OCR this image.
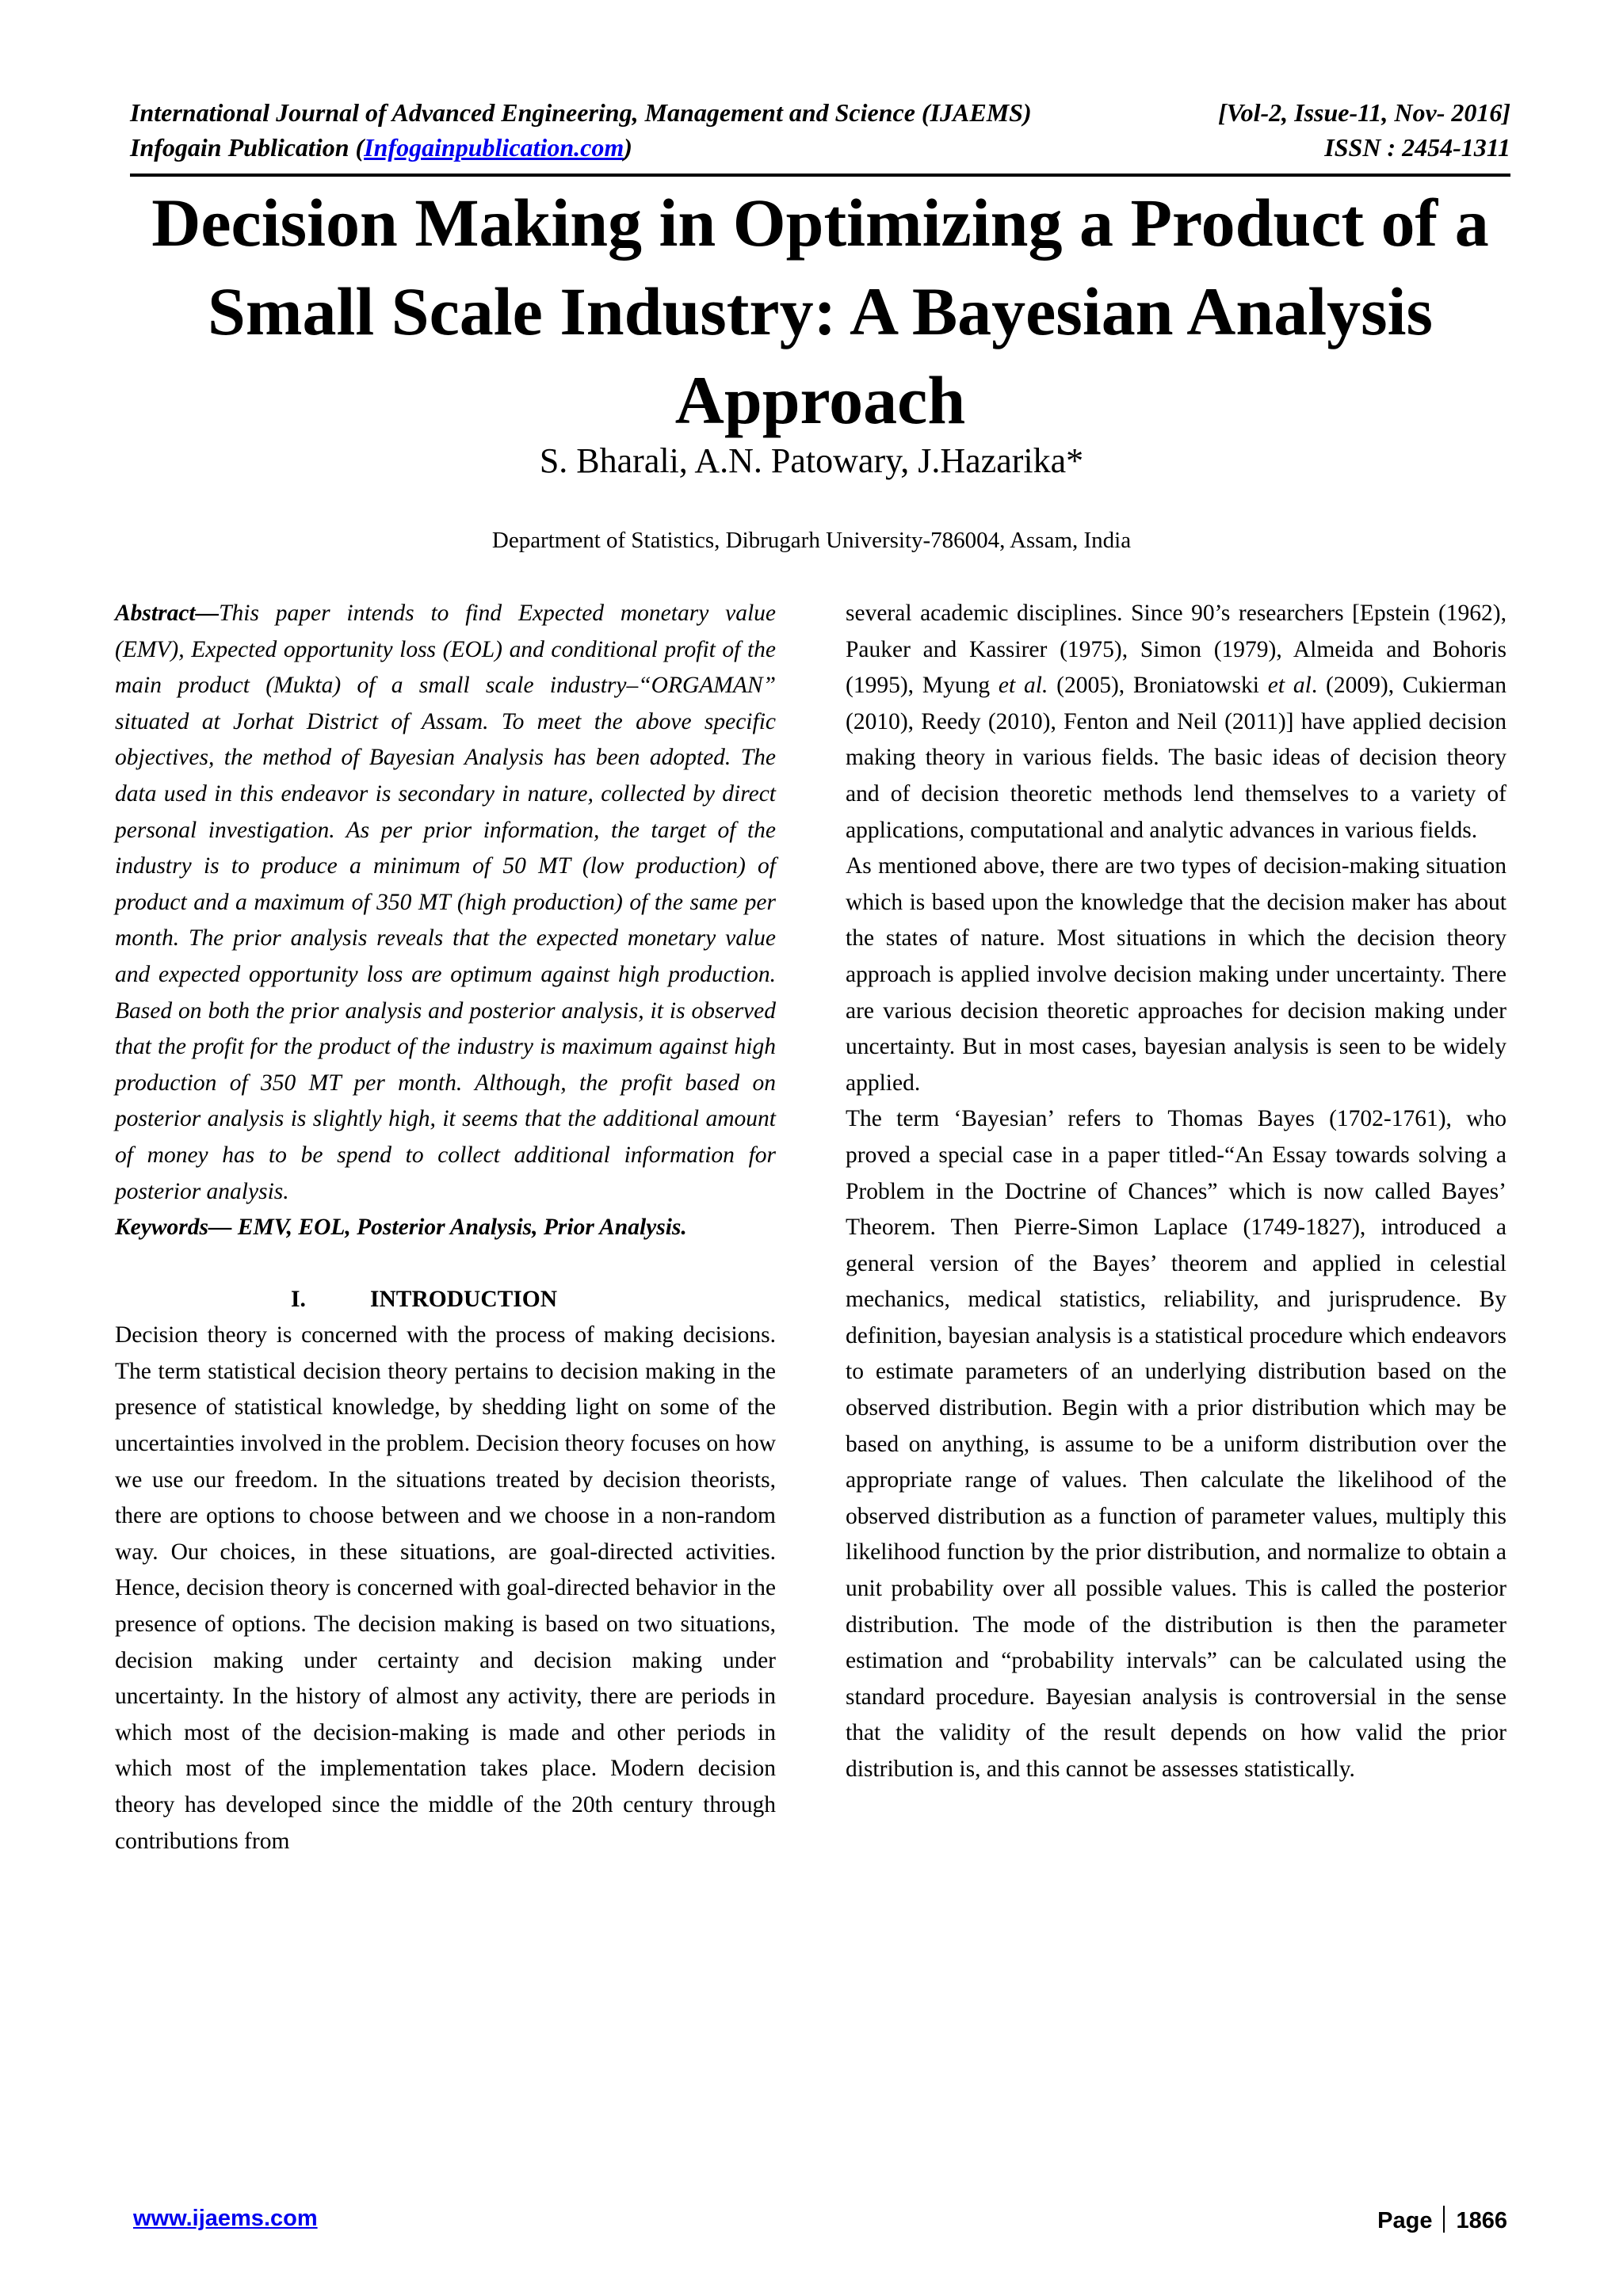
International Journal of Advanced Engineering, Management and Science (IJAEMS)	[Vol-2, Issue-11, Nov- 2016]
Infogain Publication (Infogainpublication.com)	ISSN : 2454-1311
Decision Making in Optimizing a Product of a Small Scale Industry: A Bayesian Analysis Approach
S. Bharali, A.N. Patowary, J.Hazarika*
Department of Statistics, Dibrugarh University-786004, Assam, India

Abstract—This paper intends to find Expected monetary value (EMV), Expected opportunity loss (EOL) and conditional profit of the main product (Mukta) of a small scale industry–“ORGAMAN” situated at Jorhat District of Assam. To meet the above specific objectives, the method of Bayesian Analysis has been adopted. The data used in this endeavor is secondary in nature, collected by direct personal investigation. As per prior information, the target of the industry is to produce a minimum of 50 MT (low production) of product and a maximum of 350 MT (high production) of the same per month. The prior analysis reveals that the expected monetary value and expected opportunity loss are optimum against high production. Based on both the prior analysis and posterior analysis, it is observed that the profit for the product of the industry is maximum against high production of 350 MT per month. Although, the profit based on posterior analysis is slightly high, it seems that the additional amount of money has to be spend to collect additional information for posterior analysis.

Keywords— EMV, EOL, Posterior Analysis, Prior Analysis.

I.	INTRODUCTION

Decision theory is concerned with the process of making decisions. The term statistical decision theory pertains to decision making in the presence of statistical knowledge, by shedding light on some of the uncertainties involved in the problem. Decision theory focuses on how we use our freedom. In the situations treated by decision theorists, there are options to choose between and we choose in a non-random way. Our choices, in these situations, are goal-directed activities. Hence, decision theory is concerned with goal-directed behavior in the presence of options. The decision making is based on two situations, decision making under certainty and decision making under uncertainty. In the history of almost any activity, there are periods in which most of the decision-making is made and other periods in which most of the implementation takes place. Modern decision theory has developed since the middle of the 20th century through contributions from

several academic disciplines. Since 90’s researchers [Epstein (1962), Pauker and Kassirer (1975), Simon (1979), Almeida and Bohoris (1995), Myung et al. (2005), Broniatowski et al. (2009), Cukierman (2010), Reedy (2010), Fenton and Neil (2011)] have applied decision making theory in various fields. The basic ideas of decision theory and of decision theoretic methods lend themselves to a variety of applications, computational and analytic advances in various fields.

As mentioned above, there are two types of decision-making situation which is based upon the knowledge that the decision maker has about the states of nature. Most situations in which the decision theory approach is applied involve decision making under uncertainty. There are various decision theoretic approaches for decision making under uncertainty. But in most cases, bayesian analysis is seen to be widely applied.

The term ‘Bayesian’ refers to Thomas Bayes (1702-1761), who proved a special case in a paper titled-“An Essay towards solving a Problem in the Doctrine of Chances” which is now called Bayes’ Theorem. Then Pierre-Simon Laplace (1749-1827), introduced a general version of the Bayes’ theorem and applied in celestial mechanics, medical statistics, reliability, and jurisprudence. By definition, bayesian analysis is a statistical procedure which endeavors to estimate parameters of an underlying distribution based on the observed distribution. Begin with a prior distribution which may be based on anything, is assume to be a uniform distribution over the appropriate range of values. Then calculate the likelihood of the observed distribution as a function of parameter values, multiply this likelihood function by the prior distribution, and normalize to obtain a unit probability over all possible values. This is called the posterior distribution. The mode of the distribution is then the parameter estimation and “probability intervals” can be calculated using the standard procedure. Bayesian analysis is controversial in the sense that the validity of the result depends on how valid the prior distribution is, and this cannot be assesses statistically.

www.ijaems.com	Page 1866
